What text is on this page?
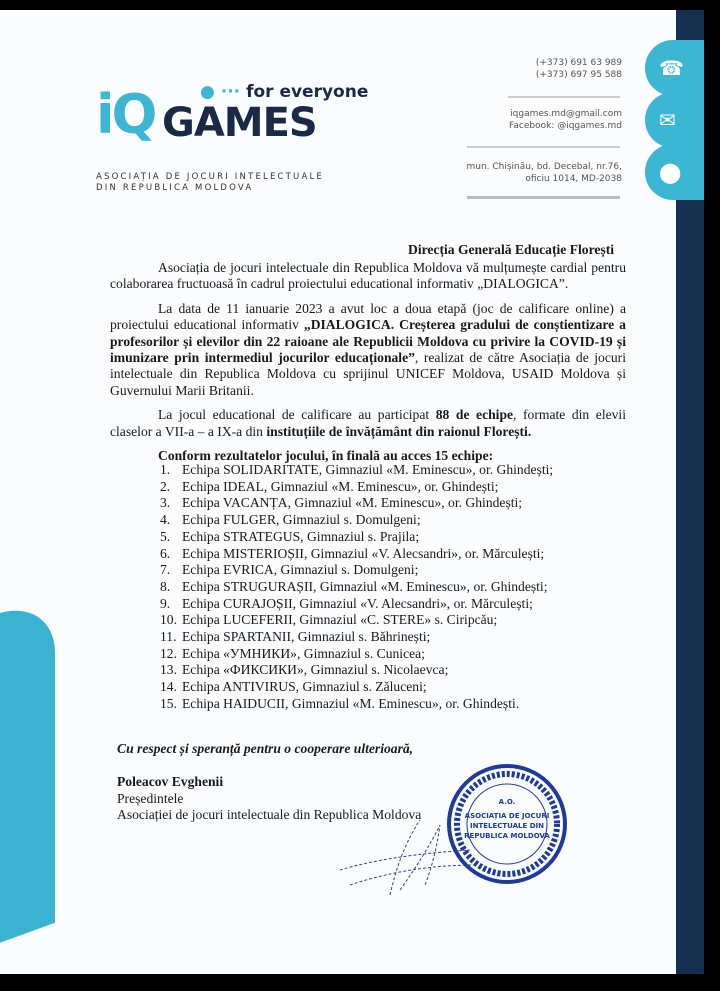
iQ	● ··· for everyone
GAMES
ASOCIAȚIA DE JOCURI INTELECTUALE
DIN REPUBLICA MOLDOVA
(+373) 691 63 989
(+373) 697 95 588
iqgames.md@gmail.com
Facebook: @iqgames.md
mun. Chișinău, bd. Decebal, nr.76,
oficiu 1014, MD-2038
☎
✉
⬤
Direcția Generală Educație Florești

Asociația de jocuri intelectuale din Republica Moldova vă mulțumește cardial pentru colaborarea fructuoasă în cadrul proiectului educational informativ „DIALOGICA”.

La data de 11 ianuarie 2023 a avut loc a doua etapă (joc de calificare online) a proiectului educational informativ „DIALOGICA. Creșterea gradului de conștientizare a profesorilor și elevilor din 22 raioane ale Republicii Moldova cu privire la COVID-19 și imunizare prin intermediul jocurilor educaționale”, realizat de către Asociația de jocuri intelectuale din Republica Moldova cu sprijinul UNICEF Moldova, USAID Moldova și Guvernului Marii Britanii.

La jocul educational de calificare au participat 88 de echipe, formate din elevii claselor a VII-a – a IX-a din instituțiile de învățământ din raionul Florești.

Conform rezultatelor jocului, în finală au acces 15 echipe:

1. Echipa SOLIDARITATE, Gimnaziul «M. Eminescu», or. Ghindești;
2. Echipa IDEAL, Gimnaziul «M. Eminescu», or. Ghindești;
3. Echipa VACANȚA, Gimnaziul «M. Eminescu», or. Ghindești;
4. Echipa FULGER, Gimnaziul s. Domulgeni;
5. Echipa STRATEGUS, Gimnaziul s. Prajila;
6. Echipa MISTERIOȘII, Gimnaziul «V. Alecsandri», or. Mărculești;
7. Echipa EVRICA, Gimnaziul s. Domulgeni;
8. Echipa STRUGURAȘII, Gimnaziul «M. Eminescu», or. Ghindești;
9. Echipa CURAJOȘII, Gimnaziul «V. Alecsandri», or. Mărculești;
10. Echipa LUCEFERII, Gimnaziul «C. STERE» s. Ciripcău;
11. Echipa SPARTANII, Gimnaziul s. Băhrinești;
12. Echipa «УМНИКИ», Gimnaziul s. Cunicea;
13. Echipa «ФИКСИКИ», Gimnaziul s. Nicolaevca;
14. Echipa ANTIVIRUS, Gimnaziul s. Zăluceni;
15. Echipa HAIDUCII, Gimnaziul «M. Eminescu», or. Ghindești.
Cu respect și speranță pentru o cooperare ulterioară,
Poleacov Evghenii
Președintele
Asociației de jocuri intelectuale din Republica Moldova
A.O.
ASOCIAȚIA DE JOCURI
INTELECTUALE DIN
REPUBLICA MOLDOVA
